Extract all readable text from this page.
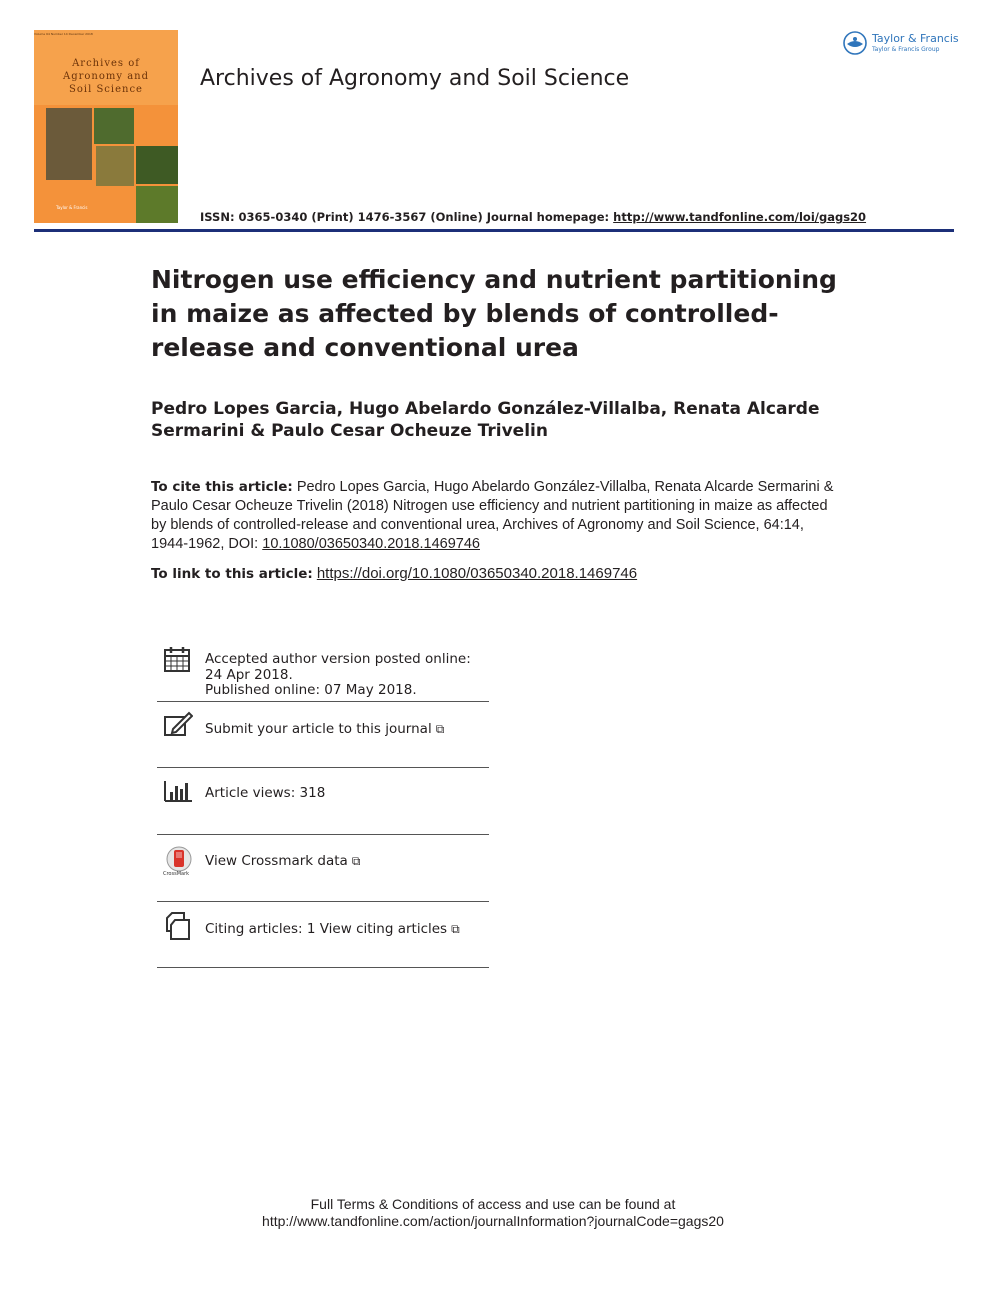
Volume 64 Number 14 December 2018
Archives of
Agronomy and
Soil Science
Taylor & Francis
Archives of Agronomy and Soil Science
ISSN: 0365-0340 (Print) 1476-3567 (Online) Journal homepage: http://www.tandfonline.com/loi/gags20
Taylor & Francis
Taylor & Francis Group
Nitrogen use efficiency and nutrient partitioning in maize as affected by blends of controlled-release and conventional urea
Pedro Lopes Garcia, Hugo Abelardo González-Villalba, Renata Alcarde Sermarini & Paulo Cesar Ocheuze Trivelin
To cite this article: Pedro Lopes Garcia, Hugo Abelardo González-Villalba, Renata Alcarde Sermarini & Paulo Cesar Ocheuze Trivelin (2018) Nitrogen use efficiency and nutrient partitioning in maize as affected by blends of controlled-release and conventional urea, Archives of Agronomy and Soil Science, 64:14, 1944-1962, DOI: 10.1080/03650340.2018.1469746
To link to this article: https://doi.org/10.1080/03650340.2018.1469746
Accepted author version posted online: 24 Apr 2018.
Published online: 07 May 2018.
Submit your article to this journal ⧉
Article views: 318
CrossMark
View Crossmark data ⧉
Citing articles: 1 View citing articles ⧉
Full Terms & Conditions of access and use can be found at
http://www.tandfonline.com/action/journalInformation?journalCode=gags20
